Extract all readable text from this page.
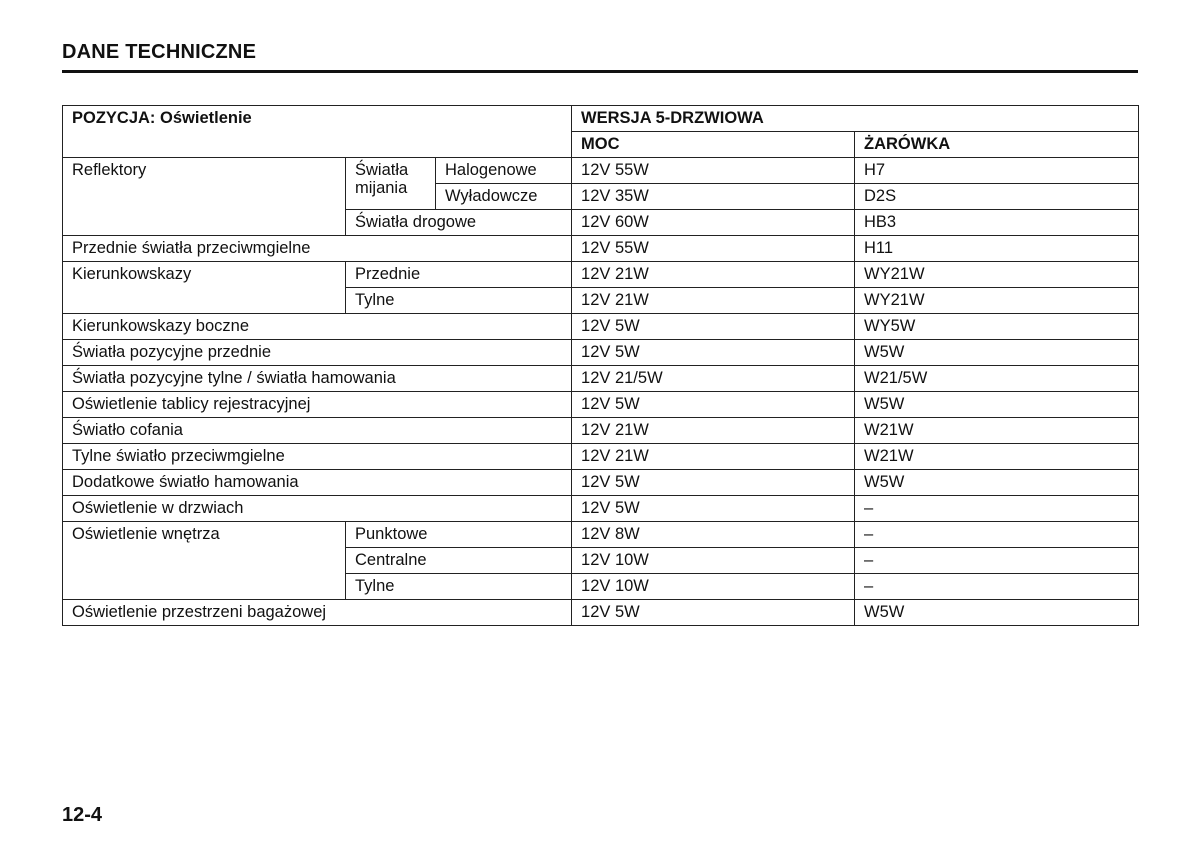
DANE TECHNICZNE
POZYCJA: Oświetlenie			WERSJA 5-DRZWIOWA	
			MOC	ŻARÓWKA
Reflektory	Światła mijania	Halogenowe	12V 55W	H7
		Wyładowcze	12V 35W	D2S
	Światła drogowe		12V 60W	HB3
Przednie światła przeciwmgielne			12V 55W	H11
Kierunkowskazy	Przednie		12V 21W	WY21W
	Tylne		12V 21W	WY21W
Kierunkowskazy boczne			12V 5W	WY5W
Światła pozycyjne przednie			12V 5W	W5W
Światła pozycyjne tylne / światła hamowania			12V 21/5W	W21/5W
Oświetlenie tablicy rejestracyjnej			12V 5W	W5W
Światło cofania			12V 21W	W21W
Tylne światło przeciwmgielne			12V 21W	W21W
Dodatkowe światło hamowania			12V 5W	W5W
Oświetlenie w drzwiach			12V 5W	–
Oświetlenie wnętrza	Punktowe		12V 8W	–
	Centralne		12V 10W	–
	Tylne		12V 10W	–
Oświetlenie przestrzeni bagażowej			12V 5W	W5W
12-4
